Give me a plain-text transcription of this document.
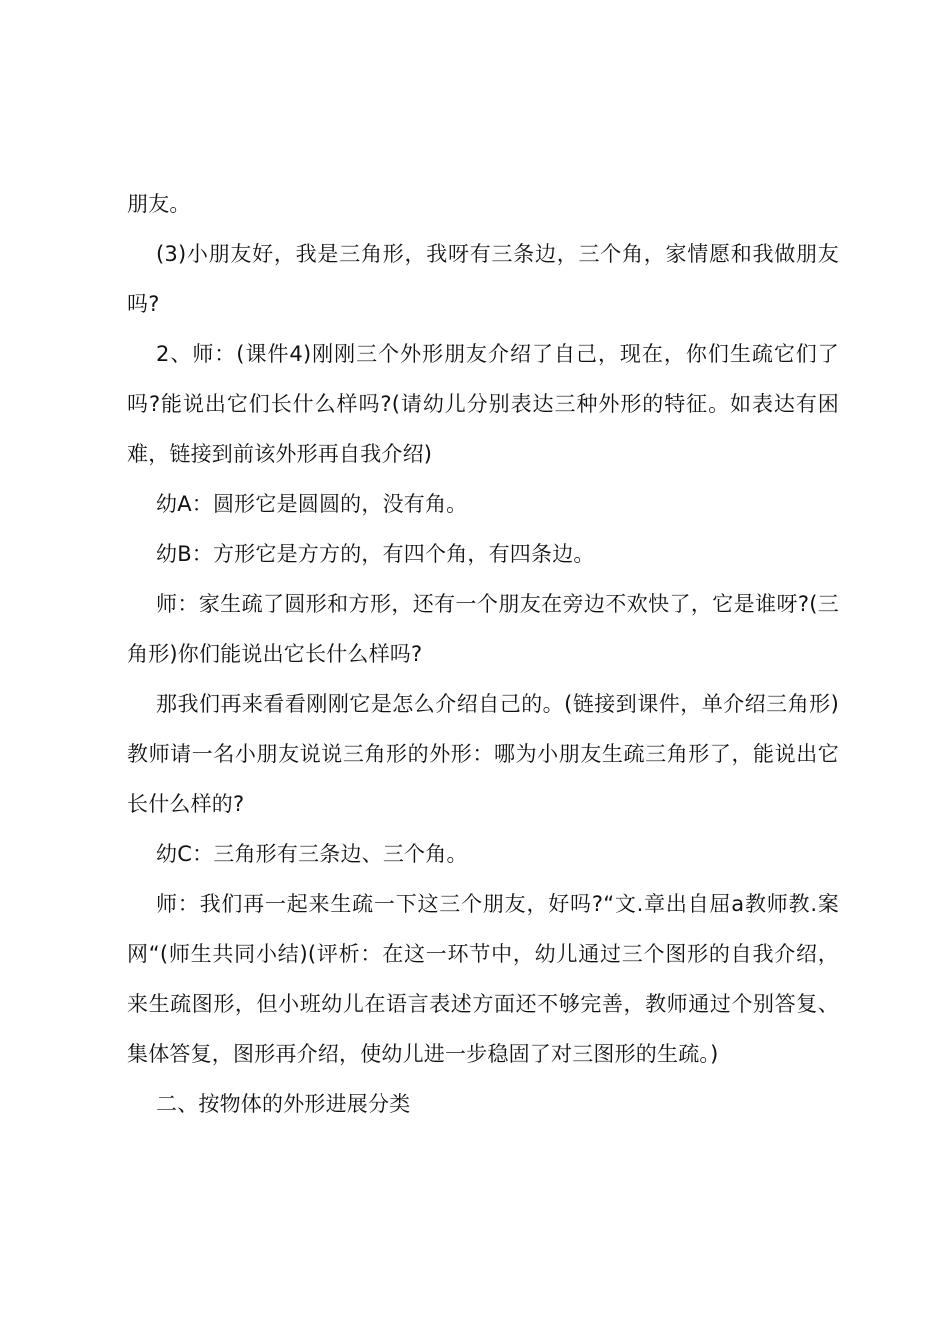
朋友。

(3)小朋友好，我是三角形，我呀有三条边，三个角，家情愿和我做朋友吗?

2、师：(课件4)刚刚三个外形朋友介绍了自己，现在，你们生疏它们了吗?能说出它们长什么样吗?(请幼儿分别表达三种外形的特征。如表达有困难，链接到前该外形再自我介绍)

幼A：圆形它是圆圆的，没有角。

幼B：方形它是方方的，有四个角，有四条边。

师：家生疏了圆形和方形，还有一个朋友在旁边不欢快了，它是谁呀?(三角形)你们能说出它长什么样吗?

那我们再来看看刚刚它是怎么介绍自己的。(链接到课件，单介绍三角形)教师请一名小朋友说说三角形的外形：哪为小朋友生疏三角形了，能说出它长什么样的?

幼C：三角形有三条边、三个角。

师：我们再一起来生疏一下这三个朋友，好吗?“文.章出自屈a教师教.案网“(师生共同小结)(评析：在这一环节中，幼儿通过三个图形的自我介绍，来生疏图形，但小班幼儿在语言表述方面还不够完善，教师通过个别答复、集体答复，图形再介绍，使幼儿进一步稳固了对三图形的生疏。)

二、按物体的外形进展分类
